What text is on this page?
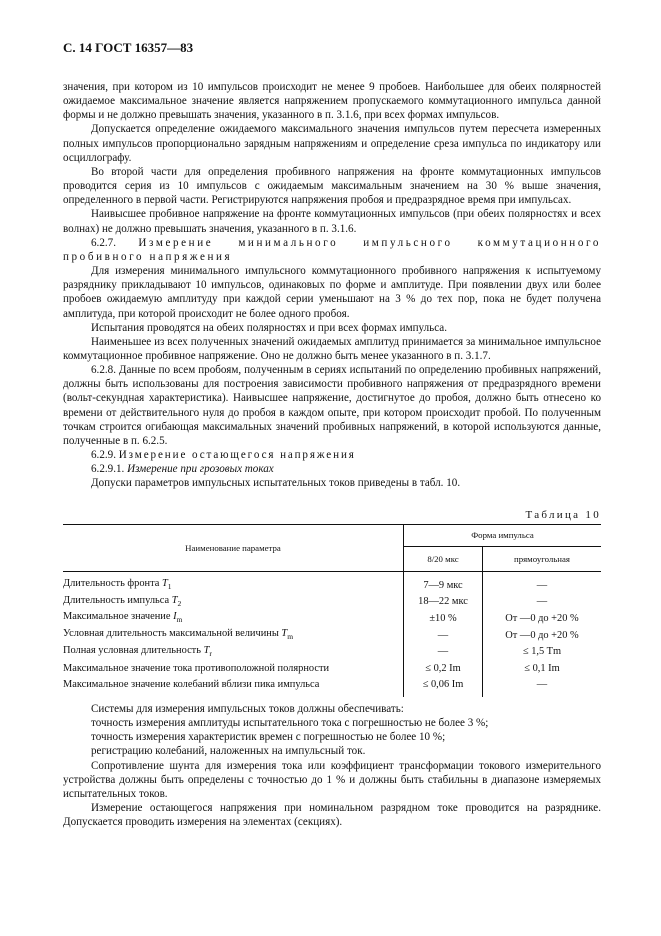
С. 14 ГОСТ 16357—83

значения, при котором из 10 импульсов происходит не менее 9 пробоев. Наибольшее для обеих полярностей ожидаемое максимальное значение является напряжением пропускаемого коммутационного импульса данной формы и не должно превышать значения, указанного в п. 3.1.6, при всех формах импульсов.

Допускается определение ожидаемого максимального значения импульсов путем пересчета измеренных полных импульсов пропорционально зарядным напряжениям и определение среза импульса по индикатору или осциллографу.

Во второй части для определения пробивного напряжения на фронте коммутационных импульсов проводится серия из 10 импульсов с ожидаемым максимальным значением на 30 % выше значения, определенного в первой части. Регистрируются напряжения пробоя и предразрядное время при импульсах.

Наивысшее пробивное напряжение на фронте коммутационных импульсов (при обеих полярностях и всех волнах) не должно превышать значения, указанного в п. 3.1.6.

6.2.7. Измерение минимального импульсного коммутационного пробивного напряжения

Для измерения минимального импульсного коммутационного пробивного напряжения к испытуемому разряднику прикладывают 10 импульсов, одинаковых по форме и амплитуде. При появлении двух или более пробоев ожидаемую амплитуду при каждой серии уменьшают на 3 % до тех пор, пока не будет получена амплитуда, при которой происходит не более одного пробоя.

Испытания проводятся на обеих полярностях и при всех формах импульса.

Наименьшее из всех полученных значений ожидаемых амплитуд принимается за минимальное импульсное коммутационное пробивное напряжение. Оно не должно быть менее указанного в п. 3.1.7.

6.2.8. Данные по всем пробоям, полученным в сериях испытаний по определению пробивных напряжений, должны быть использованы для построения зависимости пробивного напряжения от предразрядного времени (вольт-секундная характеристика). Наивысшее напряжение, достигнутое до пробоя, должно быть отнесено ко времени от действительного нуля до пробоя в каждом опыте, при котором происходит пробой. По полученным точкам строится огибающая максимальных значений пробивных напряжений, в которой используются данные, полученные в п. 6.2.5.

6.2.9. Измерение остающегося напряжения

6.2.9.1. Измерение при грозовых токах

Допуски параметров импульсных испытательных токов приведены в табл. 10.

Таблица 10
Наименование параметра	Форма импульса	
	8/20 мкс	прямоугольная
Длительность фронта $T_1$	7—9 мкс	—
Длительность импульса $T_2$	18—22 мкс	—
Максимальное значение $I_m$	±10 %	От —0 до +20 %
Условная длительность максимальной величины $T_m$	—	От —0 до +20 %
Полная условная длительность $T_r$	—	≤ 1,5 Tm
Максимальное значение тока противоположной полярности	≤ 0,2 Im	≤ 0,1 Im
Максимальное значение колебаний вблизи пика импульса	≤ 0,06 Im	—

Системы для измерения импульсных токов должны обеспечивать:

точность измерения амплитуды испытательного тока с погрешностью не более 3 %;

точность измерения характеристик времен с погрешностью не более 10 %;

регистрацию колебаний, наложенных на импульсный ток.

Сопротивление шунта для измерения тока или коэффициент трансформации токового измерительного устройства должны быть определены с точностью до 1 % и должны быть стабильны в диапазоне измеряемых испытательных токов.

Измерение остающегося напряжения при номинальном разрядном токе проводится на разряднике. Допускается проводить измерения на элементах (секциях).
